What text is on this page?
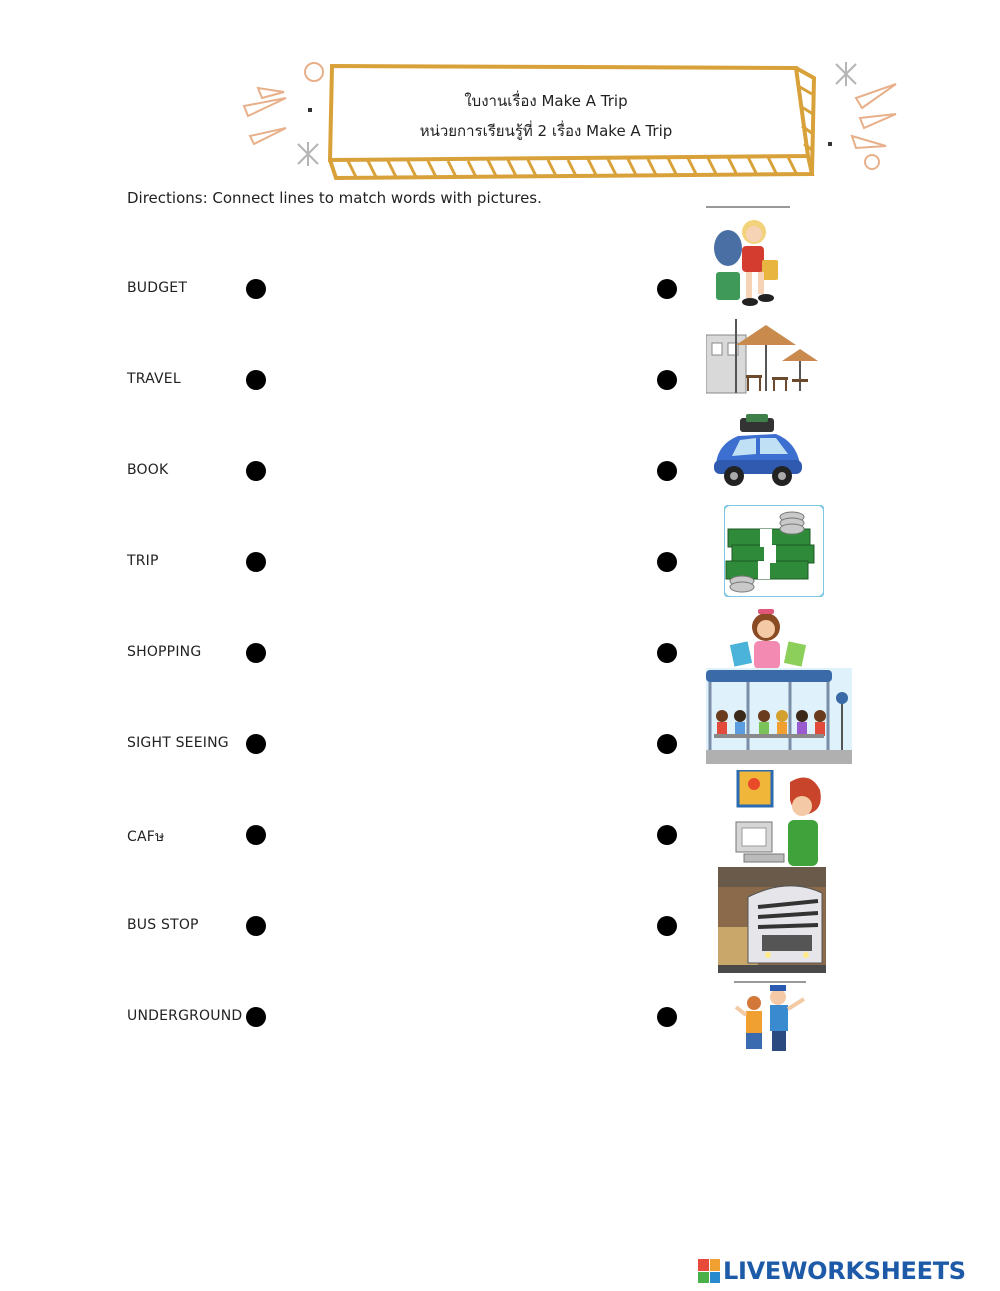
ใบงานเรื่อง Make A Trip
หน่วยการเรียนรู้ที่ 2 เรื่อง Make A Trip
Directions: Connect lines to match words with pictures.
BUDGET
TRAVEL
BOOK
TRIP
SHOPPING
SIGHT SEEING
CAFษ
BUS STOP
UNDERGROUND
LIVEWORKSHEETS
